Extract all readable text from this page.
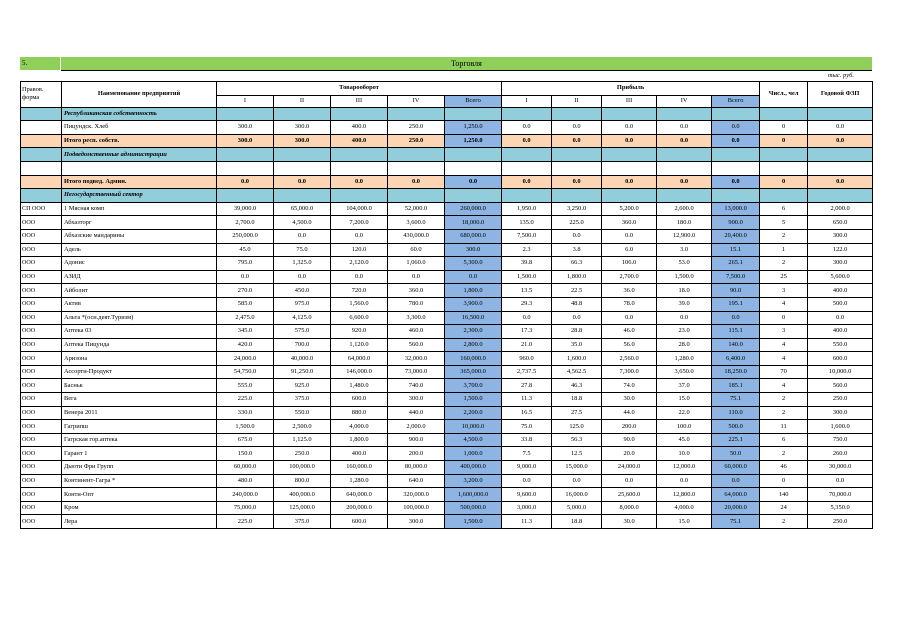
5.	Торговля
тыс. руб.
Правов. форма	Наименование предприятий	Товарооборот					Прибыль					Числ., чел	Годовой ФЗП
		I	II	III	IV	Всего	I	II	III	IV	Всего		
	Республиканская собственность												
	Пицундск. Хлеб	300.0	300.0	400.0	250.0	1,250.0	0.0	0.0	0.0	0.0	0.0	0	0.0
	Итого респ. собств.	300.0	300.0	400.0	250.0	1,250.0	0.0	0.0	0.0	0.0	0.0	0	0.0
	Подведомственные администрации												

	Итого подвед. Админ.	0.0	0.0	0.0	0.0	0.0	0.0	0.0	0.0	0.0	0.0	0	0.0
	Негосударственный сектор												
СП ООО	1 Мясная комп	39,000.0	65,000.0	104,000.0	52,000.0	260,000.0	1,950.0	3,250.0	5,200.0	2,600.0	13,000.0	6	2,000.0
ООО	Абхазторг	2,700.0	4,500.0	7,200.0	3,600.0	18,000.0	135.0	225.0	360.0	180.0	900.0	5	650.0
ООО	Абхазские мандарины	250,000.0	0.0	0.0	430,000.0	680,000.0	7,500.0	0.0	0.0	12,900.0	20,400.0	2	300.0
ООО	Адель	45.0	75.0	120.0	60.0	300.0	2.3	3.8	6.0	3.0	15.1	1	122.0
ООО	Адонис	795.0	1,325.0	2,120.0	1,060.0	5,300.0	39.8	66.3	106.0	53.0	265.1	2	300.0
ООО	АЗИД	0.0	0.0	0.0	0.0	0.0	1,500.0	1,800.0	2,700.0	1,500.0	7,500.0	25	5,600.0
ООО	Айболит	270.0	450.0	720.0	360.0	1,800.0	13.5	22.5	36.0	18.0	90.0	3	400.0
ООО	Актив	585.0	975.0	1,560.0	780.0	3,900.0	29.3	48.8	78.0	39.0	195.1	4	500.0
ООО	Альта *(осн.деят.Туризм)	2,475.0	4,125.0	6,600.0	3,300.0	16,500.0	0.0	0.0	0.0	0.0	0.0	0	0.0
ООО	Аптека 03	345.0	575.0	920.0	460.0	2,300.0	17.3	28.8	46.0	23.0	115.1	3	400.0
ООО	Аптека Пицунда	420.0	700.0	1,120.0	560.0	2,800.0	21.0	35.0	56.0	28.0	140.0	4	550.0
ООО	Аризона	24,000.0	40,000.0	64,000.0	32,000.0	160,000.0	960.0	1,600.0	2,560.0	1,280.0	6,400.0	4	600.0
ООО	Ассорти-Продукт	54,750.0	91,250.0	146,000.0	73,000.0	365,000.0	2,737.5	4,562.5	7,300.0	3,650.0	18,250.0	70	10,000.0
ООО	Басньк	555.0	925.0	1,480.0	740.0	3,700.0	27.8	46.3	74.0	37.0	185.1	4	560.0
ООО	Вега	225.0	375.0	600.0	300.0	1,500.0	11.3	18.8	30.0	15.0	75.1	2	250.0
ООО	Венера 2011	330.0	550.0	880.0	440.0	2,200.0	16.5	27.5	44.0	22.0	110.0	2	300.0
ООО	Гагрипш	1,500.0	2,500.0	4,000.0	2,000.0	10,000.0	75.0	125.0	200.0	100.0	500.0	11	1,600.0
ООО	Гагрская гор.аптека	675.0	1,125.0	1,800.0	900.0	4,500.0	33.8	56.3	90.0	45.0	225.1	6	750.0
ООО	Гарант 1	150.0	250.0	400.0	200.0	1,000.0	7.5	12.5	20.0	10.0	50.0	2	260.0
ООО	Дьюти Фри Групп	60,000.0	100,000.0	160,000.0	80,000.0	400,000.0	9,000.0	15,000.0	24,000.0	12,000.0	60,000.0	46	30,000.0
ООО	Континент-Гагра *	480.0	800.0	1,280.0	640.0	3,200.0	0.0	0.0	0.0	0.0	0.0	0	0.0
ООО	Конти-Опт	240,000.0	400,000.0	640,000.0	320,000.0	1,600,000.0	9,600.0	16,000.0	25,600.0	12,800.0	64,000.0	140	70,000.0
ООО	Кром	75,000.0	125,000.0	200,000.0	100,000.0	500,000.0	3,000.0	5,000.0	8,000.0	4,000.0	20,000.0	24	5,350.0
ООО	Лера	225.0	375.0	600.0	300.0	1,500.0	11.3	18.8	30.0	15.0	75.1	2	250.0
